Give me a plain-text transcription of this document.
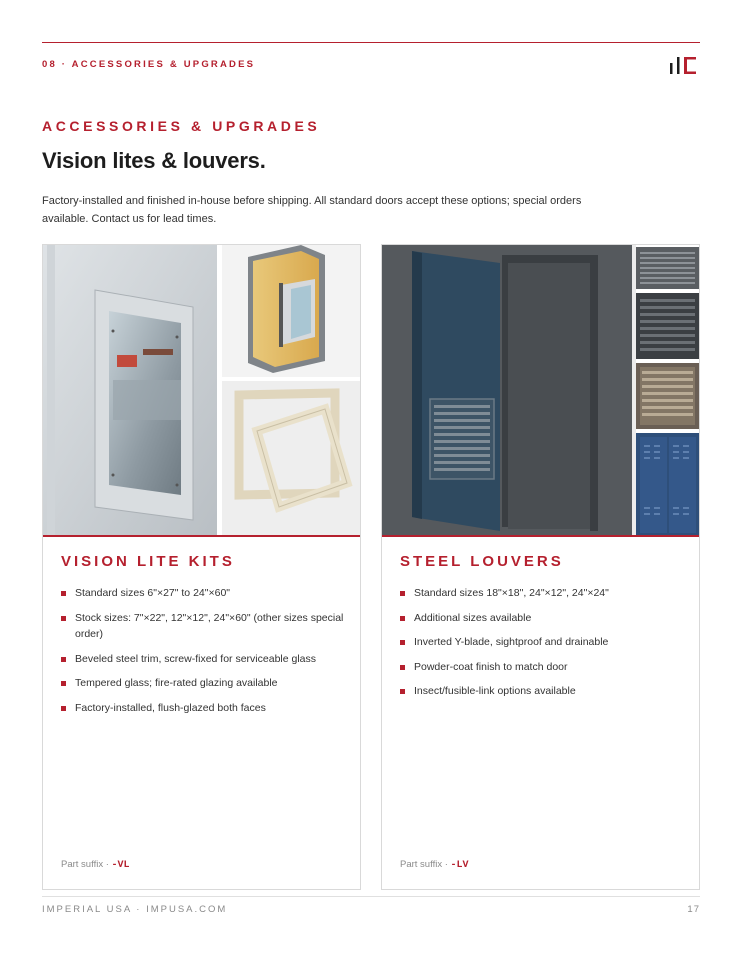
08 · ACCESSORIES & UPGRADES
ACCESSORIES & UPGRADES
Vision lites & louvers.

Factory-installed and finished in-house before shipping. All standard doors accept these options; special orders available. Contact us for lead times.

VISION LITE KITS
Standard sizes 6"×27" to 24"×60"
Stock sizes: 7"×22", 12"×12", 24"×60" (other sizes special order)
Beveled steel trim, screw-fixed for serviceable glass
Tempered glass; fire-rated glazing available
Factory-installed, flush-glazed both faces
Part suffix · -VL
STEEL LOUVERS
Standard sizes 18"×18", 24"×12", 24"×24"
Additional sizes available
Inverted Y-blade, sightproof and drainable
Powder-coat finish to match door
Insect/fusible-link options available
Part suffix · -LV
IMPERIAL USA · IMPUSA.COM	17
